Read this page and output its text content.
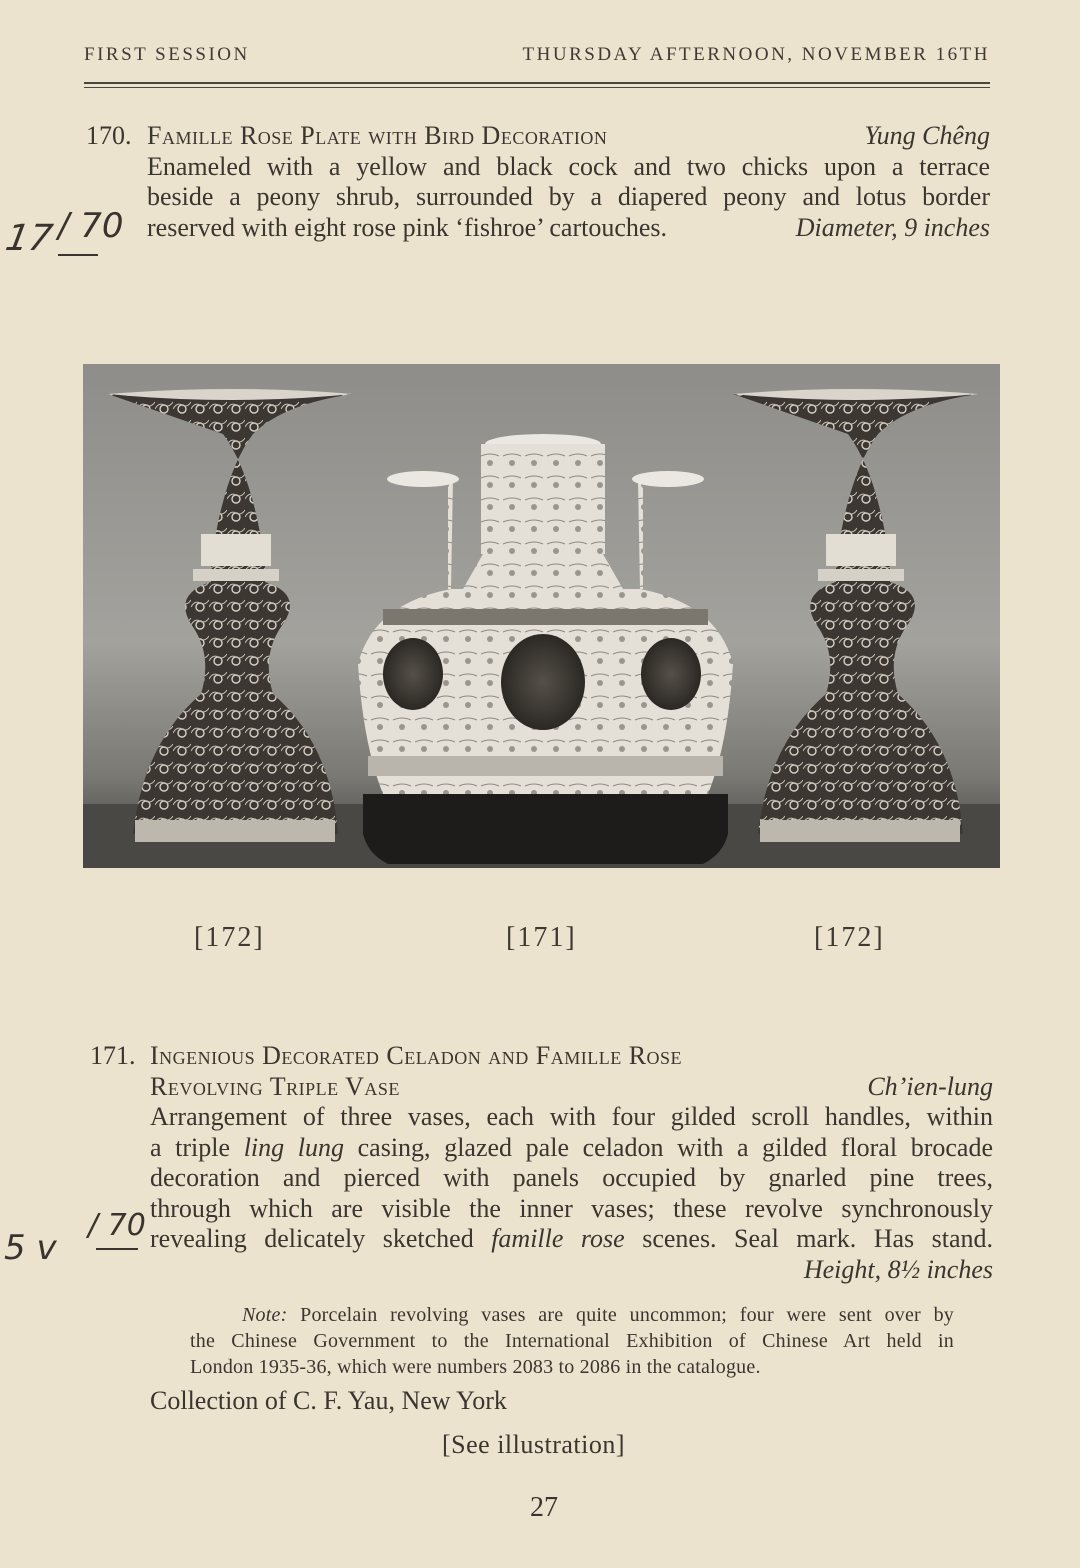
FIRST SESSION	THURSDAY AFTERNOON, NOVEMBER 16TH
170. Famille Rose Plate with Bird Decoration	Yung Chêng
Enameled with a yellow and black cock and two chicks upon a terrace
beside a peony shrub, surrounded by a diapered peony and lotus border
reserved with eight rose pink ‘fishroe’ cartouches.	Diameter, 9 inches
17 / 70
[172]	[171]	[172]
171. Ingenious Decorated Celadon and Famille Rose
Revolving Triple Vase	Ch’ien-lung
Arrangement of three vases, each with four gilded scroll handles, within
a triple ling lung casing, glazed pale celadon with a gilded floral brocade
decoration and pierced with panels occupied by gnarled pine trees,
through which are visible the inner vases; these revolve synchronously
revealing delicately sketched famille rose scenes. Seal mark. Has stand.
Height, 8½ inches
Note: Porcelain revolving vases are quite uncommon; four were sent over by
the Chinese Government to the International Exhibition of Chinese Art held in
London 1935-36, which were numbers 2083 to 2086 in the catalogue.
Collection of C. F. Yau, New York
[See illustration]
5 v
/ 70
27
